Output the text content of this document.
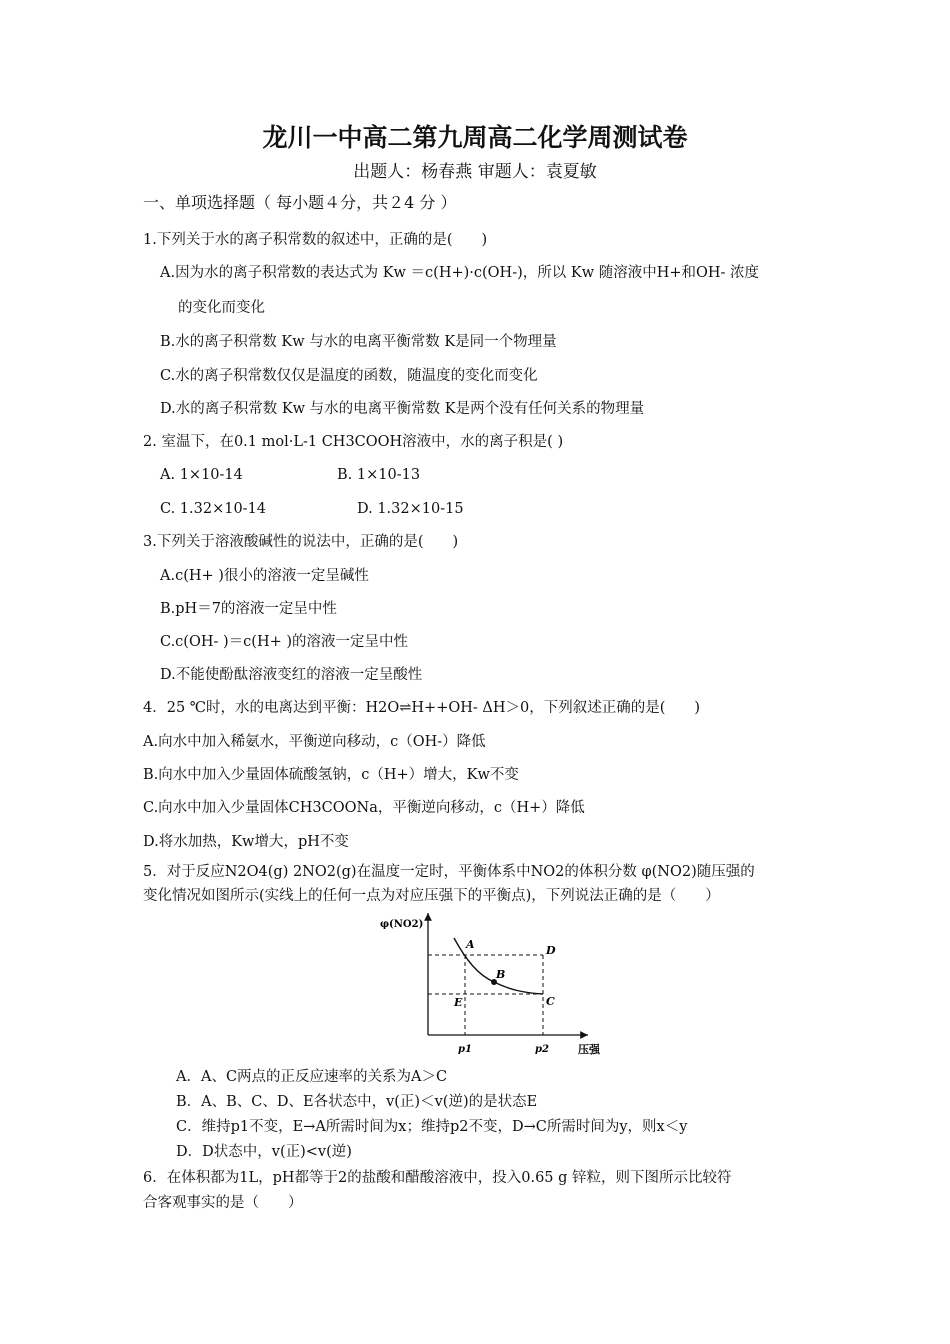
龙川一中高二第九周高二化学周测试卷
出题人：杨春燕 审题人：袁夏敏
一、单项选择题（ 每小题４分，共２4 分 ）
1.下列关于水的离子积常数的叙述中，正确的是(　　)
A.因为水的离子积常数的表达式为 Kw ＝c(H+)·c(OH-)，所以 Kw 随溶液中H+和OH- 浓度
的变化而变化
B.水的离子积常数 Kw 与水的电离平衡常数 K是同一个物理量
C.水的离子积常数仅仅是温度的函数，随温度的变化而变化
D.水的离子积常数 Kw 与水的电离平衡常数 K是两个没有任何关系的物理量
2. 室温下，在0.1 mol·L-1 CH3COOH溶液中，水的离子积是( )
A. 1×10-14	B. 1×10-13
C. 1.32×10-14	D. 1.32×10-15
3.下列关于溶液酸碱性的说法中，正确的是(　　)
A.c(H+ )很小的溶液一定呈碱性
B.pH＝7的溶液一定呈中性
C.c(OH- )＝c(H+ )的溶液一定呈中性
D.不能使酚酞溶液变红的溶液一定呈酸性
4．25 ℃时，水的电离达到平衡：H2O⇌H++OH- ΔH＞0，下列叙述正确的是(　　)
A.向水中加入稀氨水，平衡逆向移动，c（OH-）降低
B.向水中加入少量固体硫酸氢钠，c（H+）增大，Kw不变
C.向水中加入少量固体CH3COONa，平衡逆向移动，c（H+）降低
D.将水加热，Kw增大，pH不变
5．对于反应N2O4(g) 2NO2(g)在温度一定时，平衡体系中NO2的体积分数 φ(NO2)随压强的
变化情况如图所示(实线上的任何一点为对应压强下的平衡点)，下列说法正确的是（　　）
φ(NO2)
压强
A
B
C
D
E
p1	p2
A．A、C两点的正反应速率的关系为A＞C
B．A、B、C、D、E各状态中，v(正)＜v(逆)的是状态E
C．维持p1不变，E→A所需时间为x；维持p2不变，D→C所需时间为y，则x＜y
D．D状态中，v(正)<v(逆)
6．在体积都为1L，pH都等于2的盐酸和醋酸溶液中，投入0.65 g 锌粒，则下图所示比较符
合客观事实的是（　　）
